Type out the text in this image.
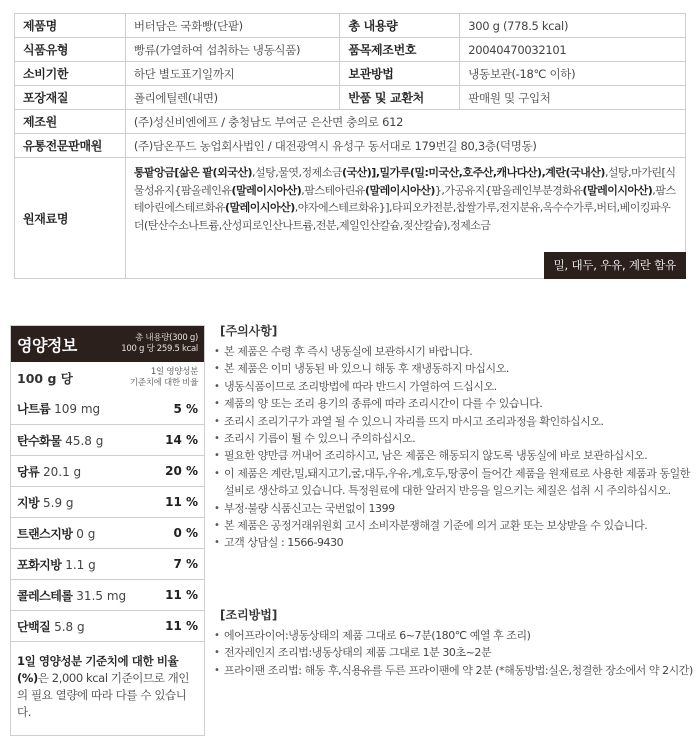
제품명	버터담은 국화빵(단팥)	총 내용량	300 g (778.5 kcal)
식품유형	빵류(가열하여 섭취하는 냉동식품)	품목제조번호	20040470032101
소비기한	하단 별도표기일까지	보관방법	냉동보관(-18℃ 이하)
포장재질	폴리에틸렌(내면)	반품 및 교환처	판매원 및 구입처
제조원	(주)성신비엔에프 / 충청남도 부여군 은산면 충의로 612		
유통전문판매원	(주)담온푸드 농업회사법인 / 대전광역시 유성구 동서대로 179번길 80,3층(덕명동)		
원재료명	통팥앙금[삶은 팥(외국산),설탕,물엿,정제소금(국산)],밀가루(밀:미국산,호주산,캐나다산),계란(국내산),설탕,마가린[식물성유지{팜올레인유(말레이시아산),팜스테아린유(말레이시아산)},가공유지{팜올레인부분경화유(말레이시아산),팜스테아린에스테르화유(말레이시아산),야자에스테르화유}],타피오카전분,찹쌀가루,전지분유,옥수수가루,버터,베이킹파우더(탄산수소나트륨,산성피로인산나트륨,전분,제일인산칼슘,젖산칼슘),정제소금
밀, 대두, 우유, 계란 함유		
영양정보	총 내용량(300 g)
100 g 당 259.5 kcal
100 g 당	1일 영양성분
기준치에 대한 비율
나트륨 109 mg	5 %
탄수화물 45.8 g	14 %
당류 20.1 g	20 %
지방 5.9 g	11 %
트랜스지방 0 g	0 %
포화지방 1.1 g	7 %
콜레스테롤 31.5 mg	11 %
단백질 5.8 g	11 %
1일 영양성분 기준치에 대한 비율(%)은 2,000 kcal 기준이므로 개인의 필요 열량에 따라 다를 수 있습니다.
[주의사항]
• 본 제품은 수령 후 즉시 냉동실에 보관하시기 바랍니다.
• 본 제품은 이미 냉동된 바 있으니 해동 후 재냉동하지 마십시오.
• 냉동식품이므로 조리방법에 따라 반드시 가열하여 드십시오.
• 제품의 양 또는 조리 용기의 종류에 따라 조리시간이 다를 수 있습니다.
• 조리시 조리기구가 과열 될 수 있으니 자리를 뜨지 마시고 조리과정을 확인하십시오.
• 조리시 기름이 튈 수 있으니 주의하십시오.
• 필요한 양만큼 꺼내어 조리하시고, 남은 제품은 해동되지 않도록 냉동실에 바로 보관하십시오.
• 이 제품은 계란,밀,돼지고기,굴,대두,우유,게,호두,땅콩이 들어간 제품을 원재료로 사용한 제품과 동일한 설비로 생산하고 있습니다. 특정원료에 대한 알러지 반응을 일으키는 체질은 섭취 시 주의하십시오.
• 부정·불량 식품신고는 국번없이 1399
• 본 제품은 공정거래위원회 고시 소비자분쟁해결 기준에 의거 교환 또는 보상받을 수 있습니다.
• 고객 상담실 : 1566-9430
[조리방법]
• 에어프라이어:냉동상태의 제품 그대로 6~7분(180℃ 예열 후 조리)
• 전자레인지 조리법:냉동상태의 제품 그대로 1분 30초~2분
• 프라이팬 조리법: 해동 후,식용유를 두른 프라이팬에 약 2분 (*해동방법:실온,청결한 장소에서 약 2시간)
